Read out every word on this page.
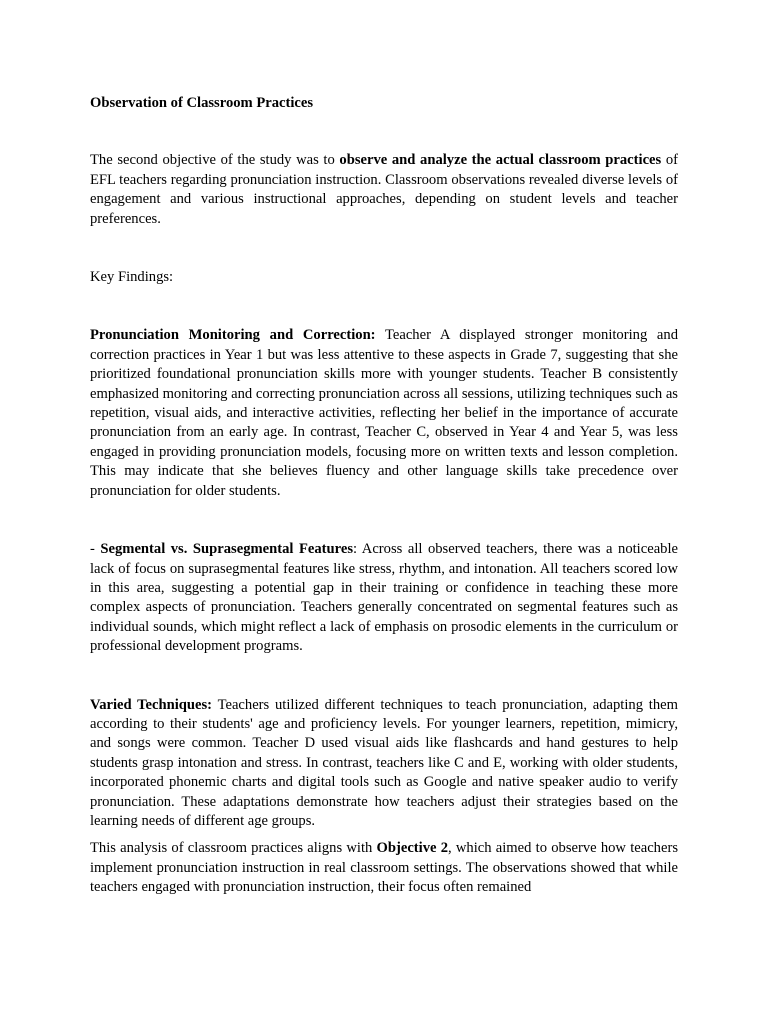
Observation of Classroom Practices

The second objective of the study was to observe and analyze the actual classroom practices of EFL teachers regarding pronunciation instruction. Classroom observations revealed diverse levels of engagement and various instructional approaches, depending on student levels and teacher preferences.

Key Findings:

Pronunciation Monitoring and Correction: Teacher A displayed stronger monitoring and correction practices in Year 1 but was less attentive to these aspects in Grade 7, suggesting that she prioritized foundational pronunciation skills more with younger students. Teacher B consistently emphasized monitoring and correcting pronunciation across all sessions, utilizing techniques such as repetition, visual aids, and interactive activities, reflecting her belief in the importance of accurate pronunciation from an early age. In contrast, Teacher C, observed in Year 4 and Year 5, was less engaged in providing pronunciation models, focusing more on written texts and lesson completion. This may indicate that she believes fluency and other language skills take precedence over pronunciation for older students.

- Segmental vs. Suprasegmental Features: Across all observed teachers, there was a noticeable lack of focus on suprasegmental features like stress, rhythm, and intonation. All teachers scored low in this area, suggesting a potential gap in their training or confidence in teaching these more complex aspects of pronunciation. Teachers generally concentrated on segmental features such as individual sounds, which might reflect a lack of emphasis on prosodic elements in the curriculum or professional development programs.

Varied Techniques: Teachers utilized different techniques to teach pronunciation, adapting them according to their students' age and proficiency levels. For younger learners, repetition, mimicry, and songs were common. Teacher D used visual aids like flashcards and hand gestures to help students grasp intonation and stress. In contrast, teachers like C and E, working with older students, incorporated phonemic charts and digital tools such as Google and native speaker audio to verify pronunciation. These adaptations demonstrate how teachers adjust their strategies based on the learning needs of different age groups.

This analysis of classroom practices aligns with Objective 2, which aimed to observe how teachers implement pronunciation instruction in real classroom settings. The observations showed that while teachers engaged with pronunciation instruction, their focus often remained
